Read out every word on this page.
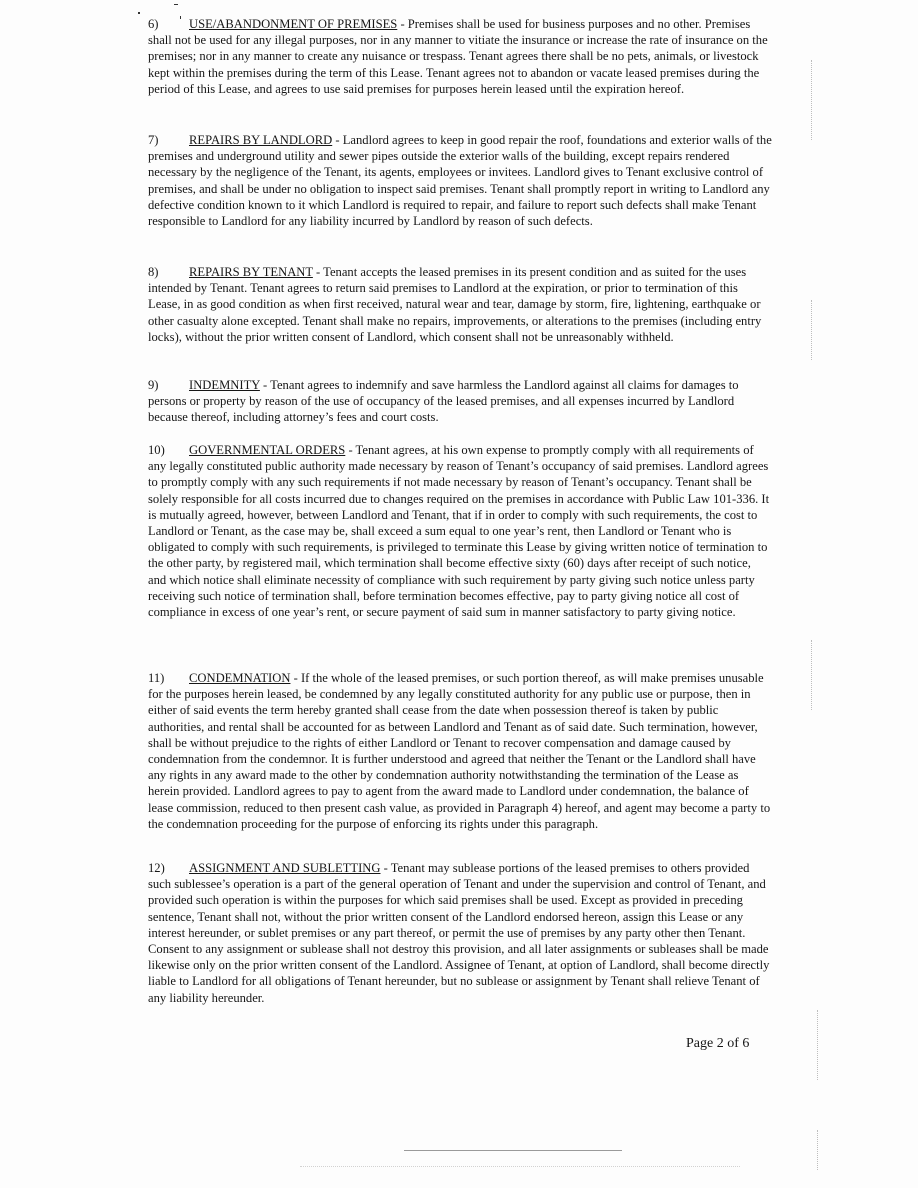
6) USE/ABANDONMENT OF PREMISES - Premises shall be used for business purposes and no other. Premises shall not be used for any illegal purposes, nor in any manner to vitiate the insurance or increase the rate of insurance on the premises; nor in any manner to create any nuisance or trespass. Tenant agrees there shall be no pets, animals, or livestock kept within the premises during the term of this Lease. Tenant agrees not to abandon or vacate leased premises during the period of this Lease, and agrees to use said premises for purposes herein leased until the expiration hereof.

7) REPAIRS BY LANDLORD - Landlord agrees to keep in good repair the roof, foundations and exterior walls of the premises and underground utility and sewer pipes outside the exterior walls of the building, except repairs rendered necessary by the negligence of the Tenant, its agents, employees or invitees. Landlord gives to Tenant exclusive control of premises, and shall be under no obligation to inspect said premises. Tenant shall promptly report in writing to Landlord any defective condition known to it which Landlord is required to repair, and failure to report such defects shall make Tenant responsible to Landlord for any liability incurred by Landlord by reason of such defects.

8) REPAIRS BY TENANT - Tenant accepts the leased premises in its present condition and as suited for the uses intended by Tenant. Tenant agrees to return said premises to Landlord at the expiration, or prior to termination of this Lease, in as good condition as when first received, natural wear and tear, damage by storm, fire, lightening, earthquake or other casualty alone excepted. Tenant shall make no repairs, improvements, or alterations to the premises (including entry locks), without the prior written consent of Landlord, which consent shall not be unreasonably withheld.

9) INDEMNITY - Tenant agrees to indemnify and save harmless the Landlord against all claims for damages to persons or property by reason of the use of occupancy of the leased premises, and all expenses incurred by Landlord because thereof, including attorney’s fees and court costs.

10) GOVERNMENTAL ORDERS - Tenant agrees, at his own expense to promptly comply with all requirements of any legally constituted public authority made necessary by reason of Tenant’s occupancy of said premises. Landlord agrees to promptly comply with any such requirements if not made necessary by reason of Tenant’s occupancy. Tenant shall be solely responsible for all costs incurred due to changes required on the premises in accordance with Public Law 101-336. It is mutually agreed, however, between Landlord and Tenant, that if in order to comply with such requirements, the cost to Landlord or Tenant, as the case may be, shall exceed a sum equal to one year’s rent, then Landlord or Tenant who is obligated to comply with such requirements, is privileged to terminate this Lease by giving written notice of termination to the other party, by registered mail, which termination shall become effective sixty (60) days after receipt of such notice, and which notice shall eliminate necessity of compliance with such requirement by party giving such notice unless party receiving such notice of termination shall, before termination becomes effective, pay to party giving notice all cost of compliance in excess of one year’s rent, or secure payment of said sum in manner satisfactory to party giving notice.

11) CONDEMNATION - If the whole of the leased premises, or such portion thereof, as will make premises unusable for the purposes herein leased, be condemned by any legally constituted authority for any public use or purpose, then in either of said events the term hereby granted shall cease from the date when possession thereof is taken by public authorities, and rental shall be accounted for as between Landlord and Tenant as of said date. Such termination, however, shall be without prejudice to the rights of either Landlord or Tenant to recover compensation and damage caused by condemnation from the condemnor. It is further understood and agreed that neither the Tenant or the Landlord shall have any rights in any award made to the other by condemnation authority notwithstanding the termination of the Lease as herein provided. Landlord agrees to pay to agent from the award made to Landlord under condemnation, the balance of lease commission, reduced to then present cash value, as provided in Paragraph 4) hereof, and agent may become a party to the condemnation proceeding for the purpose of enforcing its rights under this paragraph.

12) ASSIGNMENT AND SUBLETTING - Tenant may sublease portions of the leased premises to others provided such sublessee’s operation is a part of the general operation of Tenant and under the supervision and control of Tenant, and provided such operation is within the purposes for which said premises shall be used. Except as provided in preceding sentence, Tenant shall not, without the prior written consent of the Landlord endorsed hereon, assign this Lease or any interest hereunder, or sublet premises or any part thereof, or permit the use of premises by any party other then Tenant. Consent to any assignment or sublease shall not destroy this provision, and all later assignments or subleases shall be made likewise only on the prior written consent of the Landlord. Assignee of Tenant, at option of Landlord, shall become directly liable to Landlord for all obligations of Tenant hereunder, but no sublease or assignment by Tenant shall relieve Tenant of any liability hereunder.

Page 2 of 6
